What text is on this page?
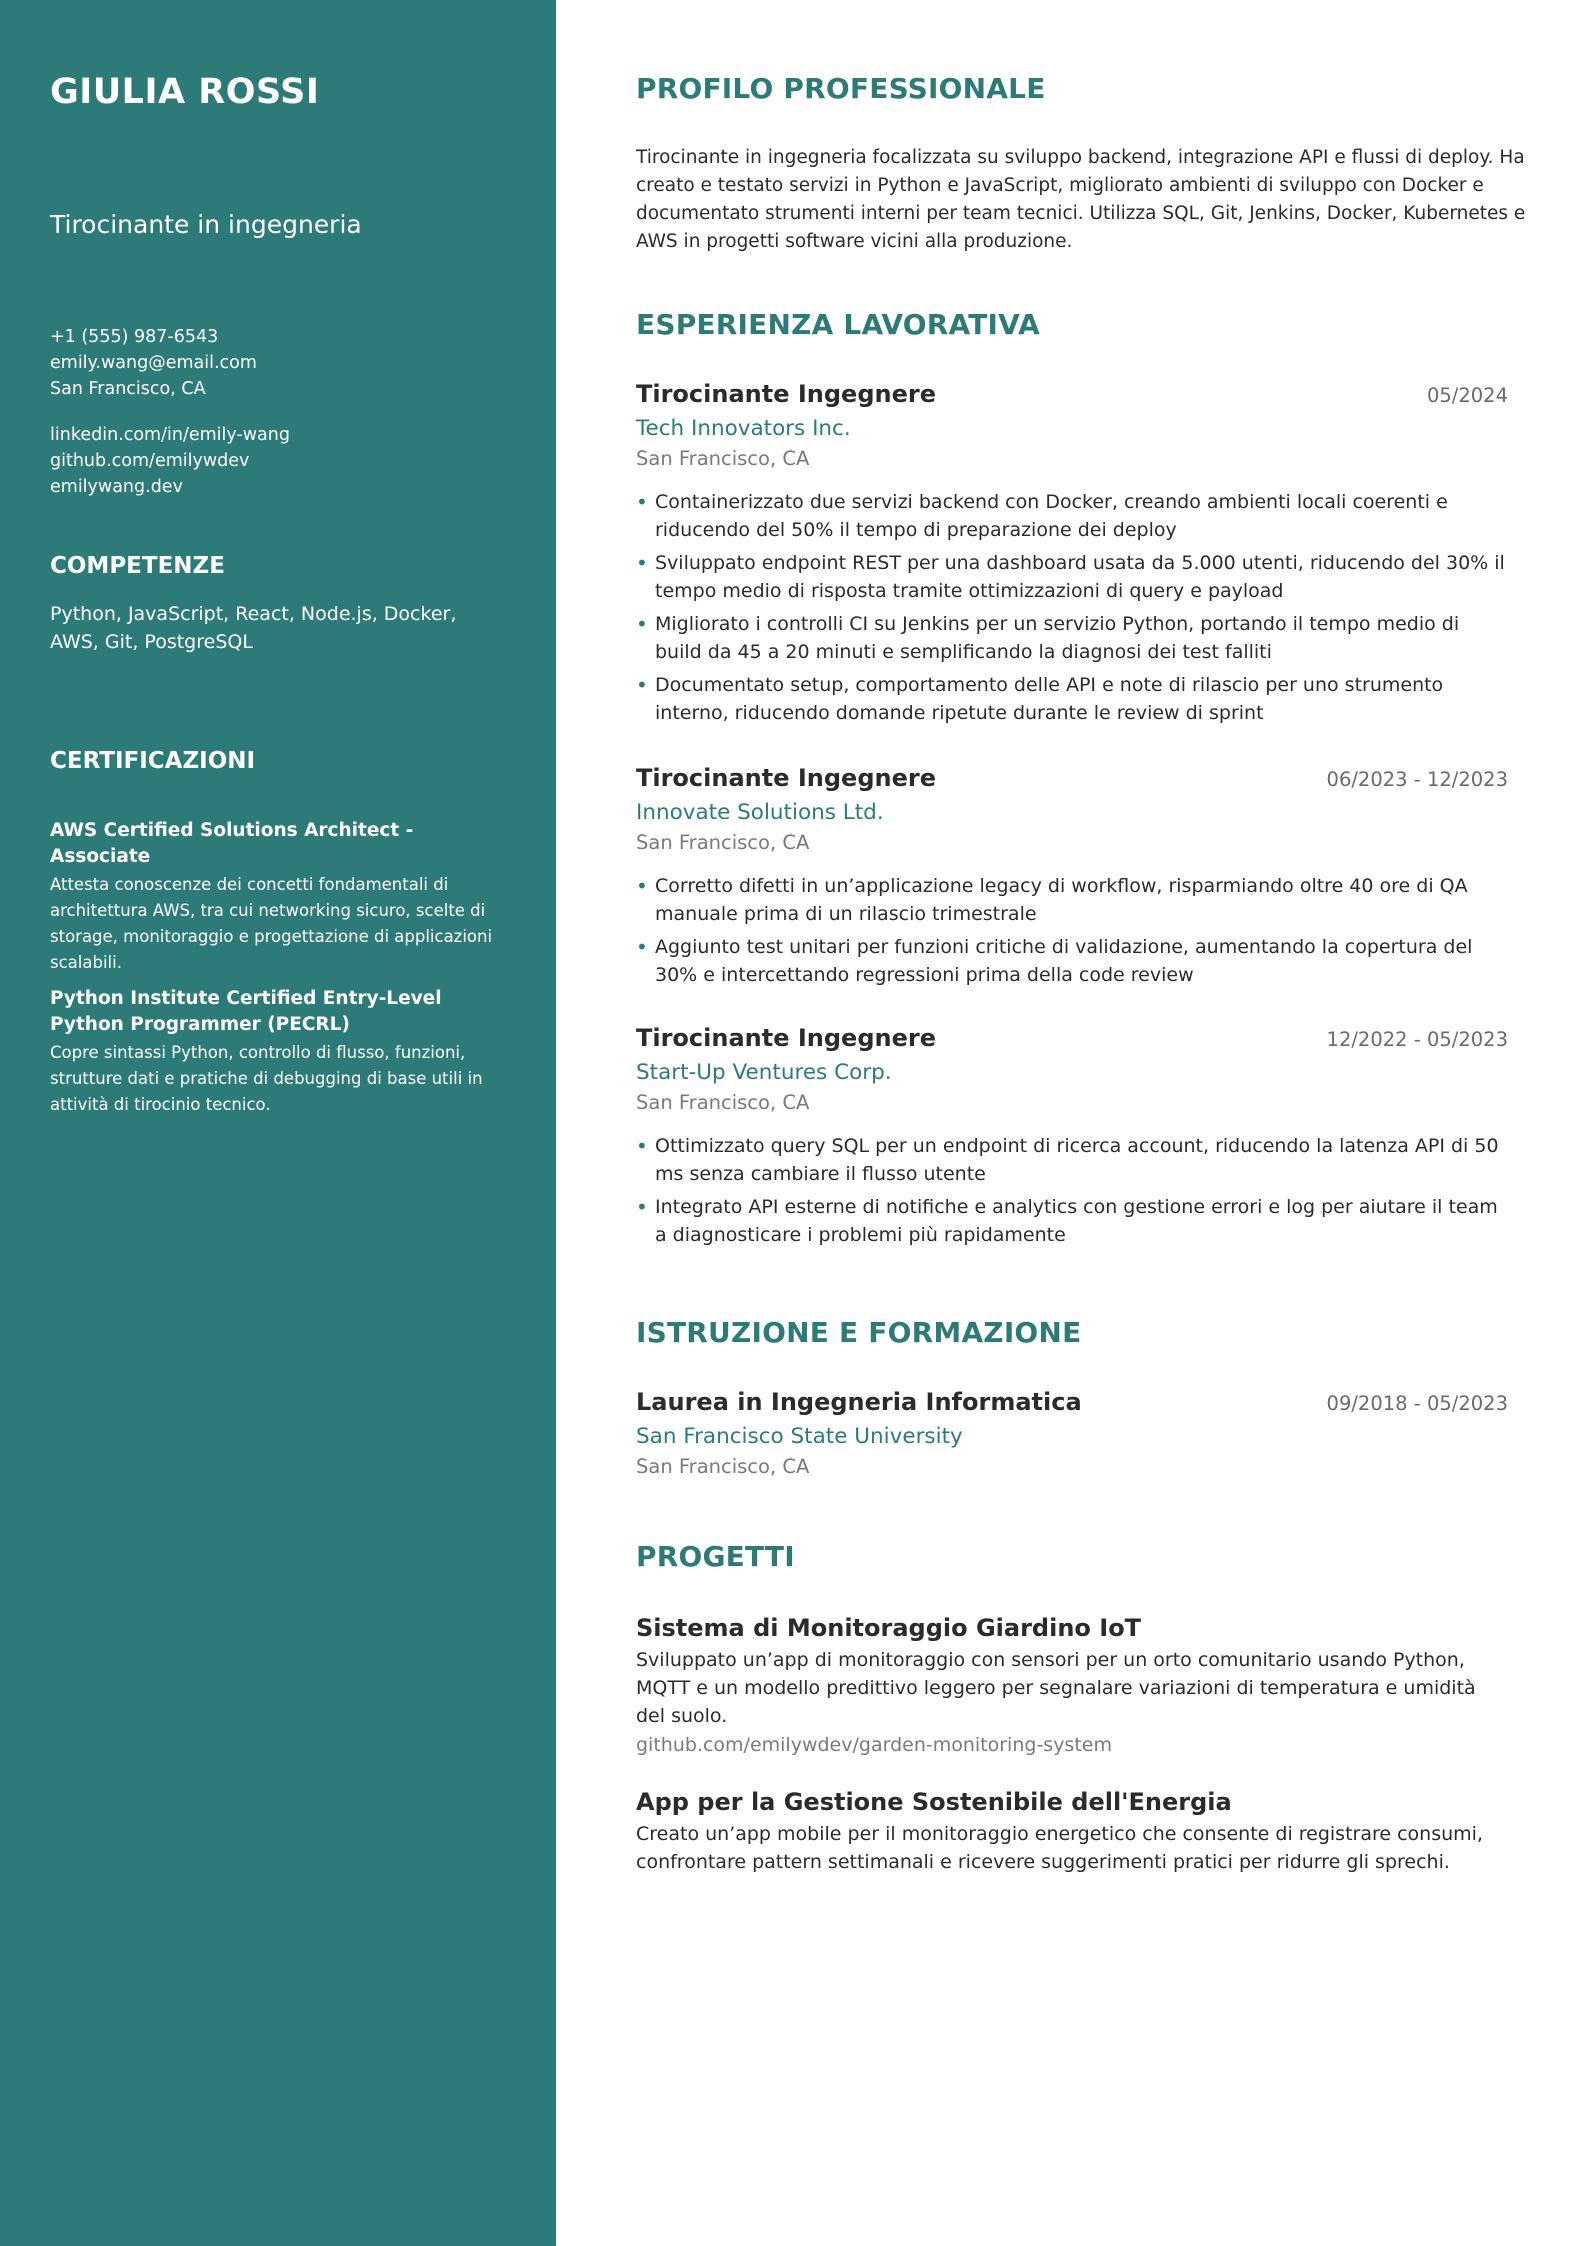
GIULIA ROSSI
Tirocinante in ingegneria
+1 (555) 987-6543
emily.wang@email.com
San Francisco, CA
linkedin.com/in/emily-wang
github.com/emilywdev
emilywang.dev
COMPETENZE
Python, JavaScript, React, Node.js, Docker, AWS, Git, PostgreSQL
CERTIFICAZIONI
AWS Certified Solutions Architect - Associate
Attesta conoscenze dei concetti fondamentali di architettura AWS, tra cui networking sicuro, scelte di storage, monitoraggio e progettazione di applicazioni scalabili.
Python Institute Certified Entry-Level Python Programmer (PECRL)
Copre sintassi Python, controllo di flusso, funzioni, strutture dati e pratiche di debugging di base utili in attività di tirocinio tecnico.
PROFILO PROFESSIONALE
Tirocinante in ingegneria focalizzata su sviluppo backend, integrazione API e flussi di deploy. Ha creato e testato servizi in Python e JavaScript, migliorato ambienti di sviluppo con Docker e documentato strumenti interni per team tecnici. Utilizza SQL, Git, Jenkins, Docker, Kubernetes e AWS in progetti software vicini alla produzione.
ESPERIENZA LAVORATIVA
Tirocinante Ingegnere	05/2024
Tech Innovators Inc.
San Francisco, CA
• Containerizzato due servizi backend con Docker, creando ambienti locali coerenti e riducendo del 50% il tempo di preparazione dei deploy
• Sviluppato endpoint REST per una dashboard usata da 5.000 utenti, riducendo del 30% il tempo medio di risposta tramite ottimizzazioni di query e payload
• Migliorato i controlli CI su Jenkins per un servizio Python, portando il tempo medio di build da 45 a 20 minuti e semplificando la diagnosi dei test falliti
• Documentato setup, comportamento delle API e note di rilascio per uno strumento interno, riducendo domande ripetute durante le review di sprint
Tirocinante Ingegnere	06/2023 - 12/2023
Innovate Solutions Ltd.
San Francisco, CA
• Corretto difetti in un’applicazione legacy di workflow, risparmiando oltre 40 ore di QA manuale prima di un rilascio trimestrale
• Aggiunto test unitari per funzioni critiche di validazione, aumentando la copertura del 30% e intercettando regressioni prima della code review
Tirocinante Ingegnere	12/2022 - 05/2023
Start-Up Ventures Corp.
San Francisco, CA
• Ottimizzato query SQL per un endpoint di ricerca account, riducendo la latenza API di 50 ms senza cambiare il flusso utente
• Integrato API esterne di notifiche e analytics con gestione errori e log per aiutare il team a diagnosticare i problemi più rapidamente
ISTRUZIONE E FORMAZIONE
Laurea in Ingegneria Informatica	09/2018 - 05/2023
San Francisco State University
San Francisco, CA
PROGETTI
Sistema di Monitoraggio Giardino IoT
Sviluppato un’app di monitoraggio con sensori per un orto comunitario usando Python, MQTT e un modello predittivo leggero per segnalare variazioni di temperatura e umidità del suolo.
github.com/emilywdev/garden-monitoring-system
App per la Gestione Sostenibile dell'Energia
Creato un’app mobile per il monitoraggio energetico che consente di registrare consumi, confrontare pattern settimanali e ricevere suggerimenti pratici per ridurre gli sprechi.
